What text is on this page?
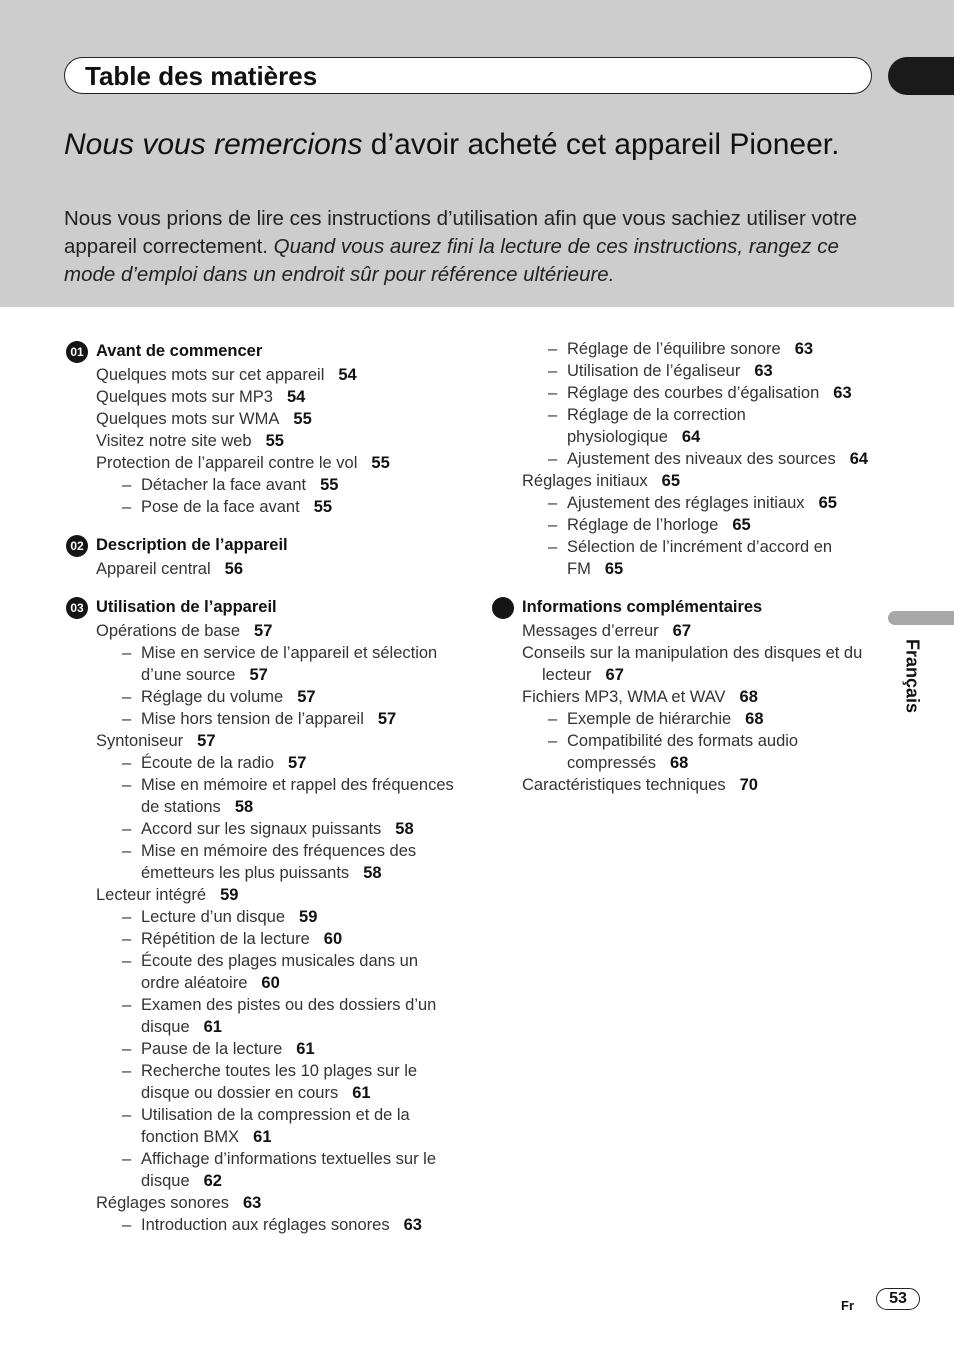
Table des matières
Nous vous remercions d’avoir acheté cet appareil Pioneer.

Nous vous prions de lire ces instructions d’utilisation afin que vous sachiez utiliser votre appareil correctement. Quand vous aurez fini la lecture de ces instructions, rangez ce mode d’emploi dans un endroit sûr pour référence ultérieure.

01 Avant de commencer
Quelques mots sur cet appareil 54
Quelques mots sur MP3 54
Quelques mots sur WMA 55
Visitez notre site web 55
Protection de l’appareil contre le vol 55
– Détacher la face avant 55
– Pose de la face avant 55
02 Description de l’appareil
Appareil central 56
03 Utilisation de l’appareil
Opérations de base 57
– Mise en service de l’appareil et sélection d’une source 57
– Réglage du volume 57
– Mise hors tension de l’appareil 57
Syntoniseur 57
– Écoute de la radio 57
– Mise en mémoire et rappel des fréquences de stations 58
– Accord sur les signaux puissants 58
– Mise en mémoire des fréquences des émetteurs les plus puissants 58
Lecteur intégré 59
– Lecture d’un disque 59
– Répétition de la lecture 60
– Écoute des plages musicales dans un ordre aléatoire 60
– Examen des pistes ou des dossiers d’un disque 61
– Pause de la lecture 61
– Recherche toutes les 10 plages sur le disque ou dossier en cours 61
– Utilisation de la compression et de la fonction BMX 61
– Affichage d’informations textuelles sur le disque 62
Réglages sonores 63
– Introduction aux réglages sonores 63
– Réglage de l’équilibre sonore 63
– Utilisation de l’égaliseur 63
– Réglage des courbes d’égalisation 63
– Réglage de la correction physiologique 64
– Ajustement des niveaux des sources 64
Réglages initiaux 65
– Ajustement des réglages initiaux 65
– Réglage de l’horloge 65
– Sélection de l’incrément d’accord en FM 65
Informations complémentaires
Messages d’erreur 67
Conseils sur la manipulation des disques et du lecteur 67
Fichiers MP3, WMA et WAV 68
– Exemple de hiérarchie 68
– Compatibilité des formats audio compressés 68
Caractéristiques techniques 70
Français
Fr	53
